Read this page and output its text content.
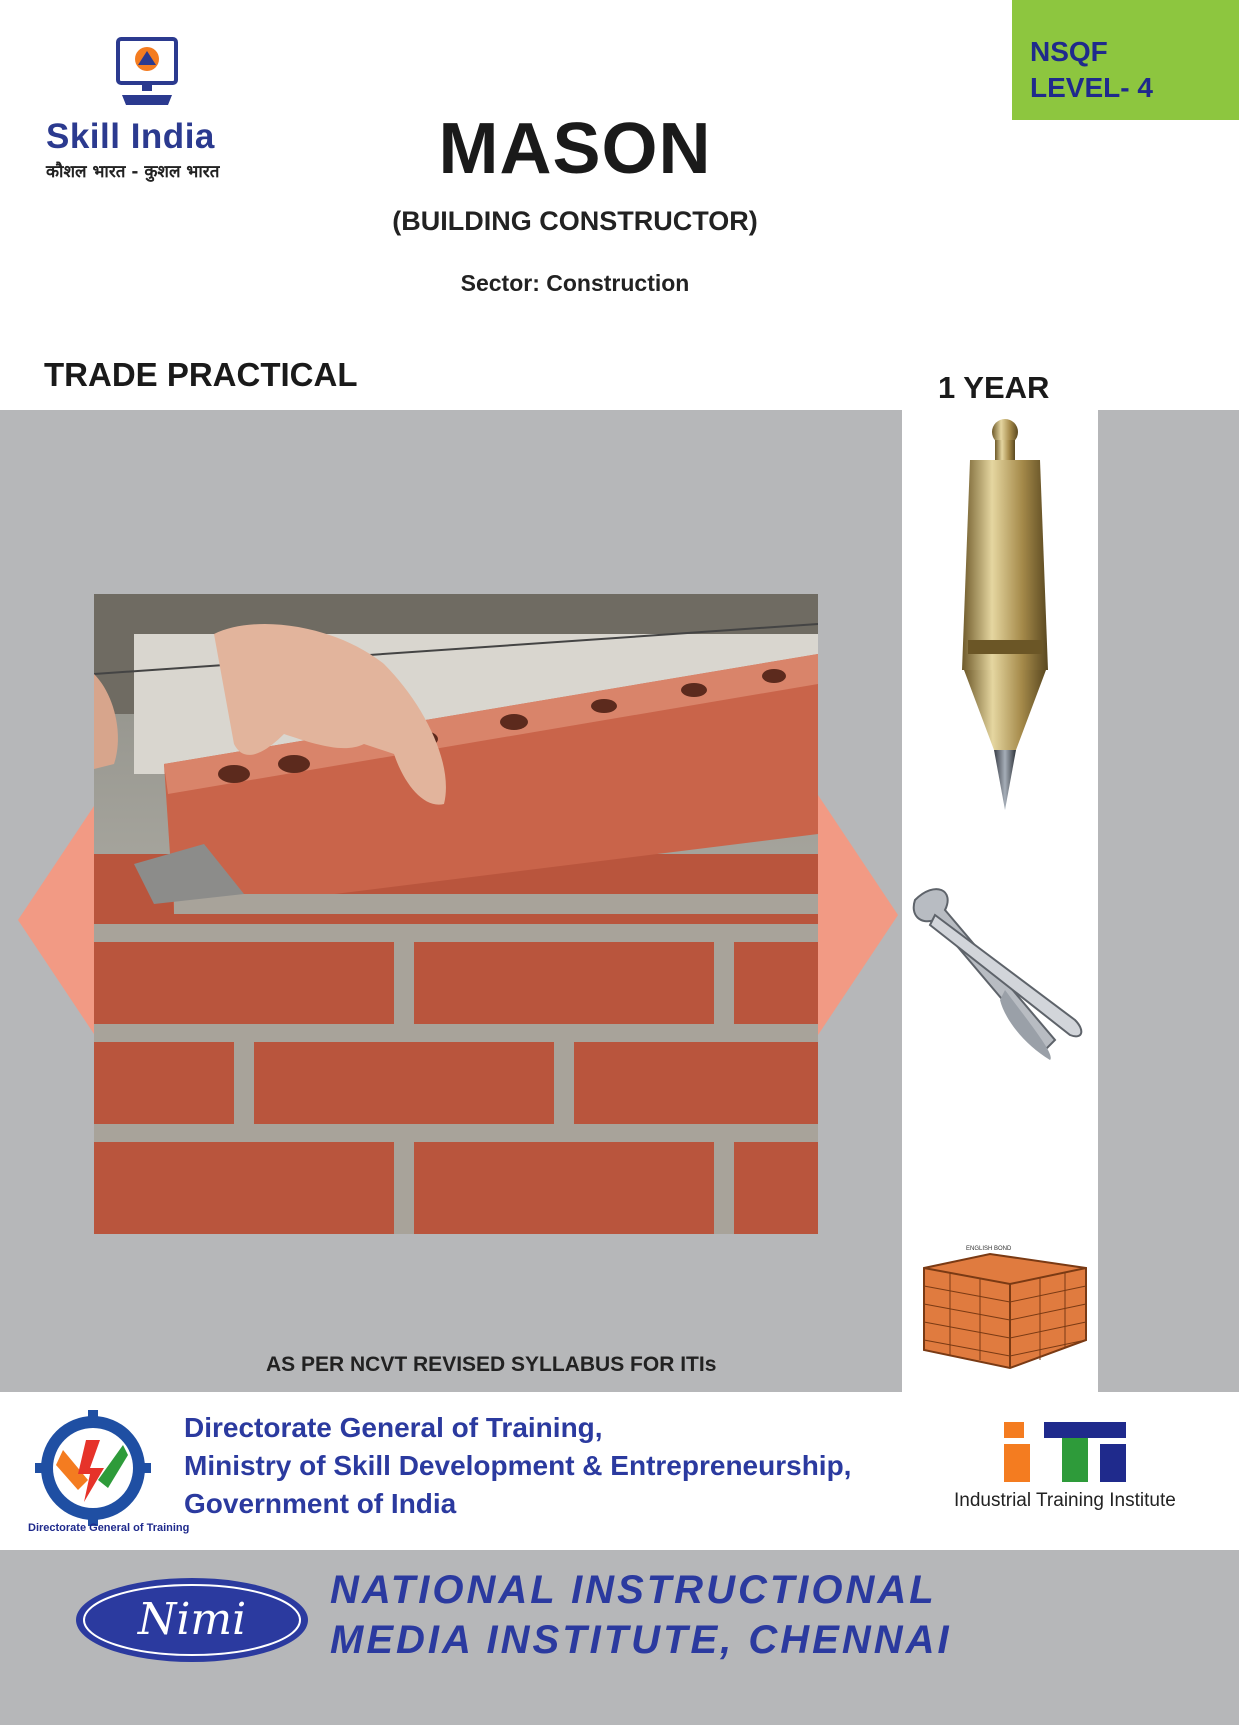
NSQF
LEVEL- 4
Skill India
कौशल भारत - कुशल भारत	MASON
(BUILDING CONSTRUCTOR)
Sector: Construction
TRADE PRACTICAL	1 YEAR
AS PER NCVT REVISED SYLLABUS FOR ITIs
ENGLISH BOND
Directorate General of Training
Directorate General of Training,
Ministry of Skill Development & Entrepreneurship,
Government of India	Industrial Training Institute
Nimi
NATIONAL INSTRUCTIONAL
MEDIA INSTITUTE, CHENNAI
